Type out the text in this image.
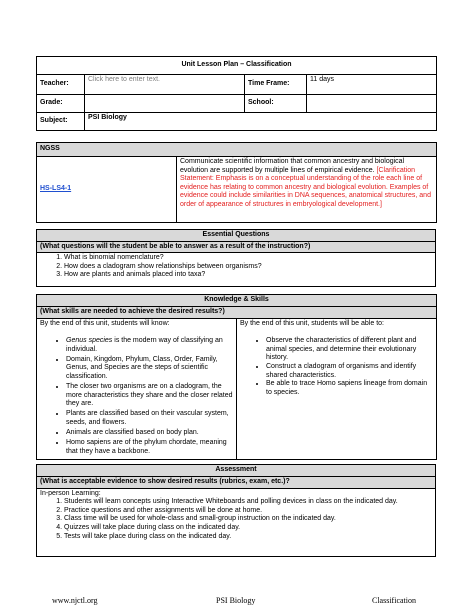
Unit Lesson Plan – Classification			
Teacher:	Click here to enter text.	Time Frame:	11 days
Grade:		School:	
Subject:	PSI Biology		
NGSS
HS-LS4-1	Communicate scientific information that common ancestry and biological evolution are supported by multiple lines of empirical evidence. [Clarification Statement: Emphasis is on a conceptual understanding of the role each line of evidence has relating to common ancestry and biological evolution. Examples of evidence could include similarities in DNA sequences, anatomical structures, and order of appearance of structures in embryological development.]
Essential Questions
(What questions will the student be able to answer as a result of the instruction?)

1. What is binomial nomenclature?
2. How does a cladogram show relationships between organisms?
3. How are plants and animals placed into taxa?
Knowledge & Skills
(What skills are needed to achieve the desired results?)

By the end of this unit, students will know:
• Genus species is the modern way of classifying an individual.
• Domain, Kingdom, Phylum, Class, Order, Family, Genus, and Species are the steps of scientific classification.
• The closer two organisms are on a cladogram, the more characteristics they share and the closer related they are.
• Plants are classified based on their vascular system, seeds, and flowers.
• Animals are classified based on body plan.
• Homo sapiens are of the phylum chordate, meaning that they have a backbone.

By the end of this unit, students will be able to:
• Observe the characteristics of different plant and animal species, and determine their evolutionary history.
• Construct a cladogram of organisms and identify shared characteristics.
• Be able to trace Homo sapiens lineage from domain to species.
Assessment
(What is acceptable evidence to show desired results (rubrics, exam, etc.)?

In-person Learning:
1. Students will learn concepts using Interactive Whiteboards and polling devices in class on the indicated day.
2. Practice questions and other assignments will be done at home.
3. Class time will be used for whole-class and small-group instruction on the indicated day.
4. Quizzes will take place during class on the indicated day.
5. Tests will take place during class on the indicated day.
www.njctl.org	PSI Biology	Classification
